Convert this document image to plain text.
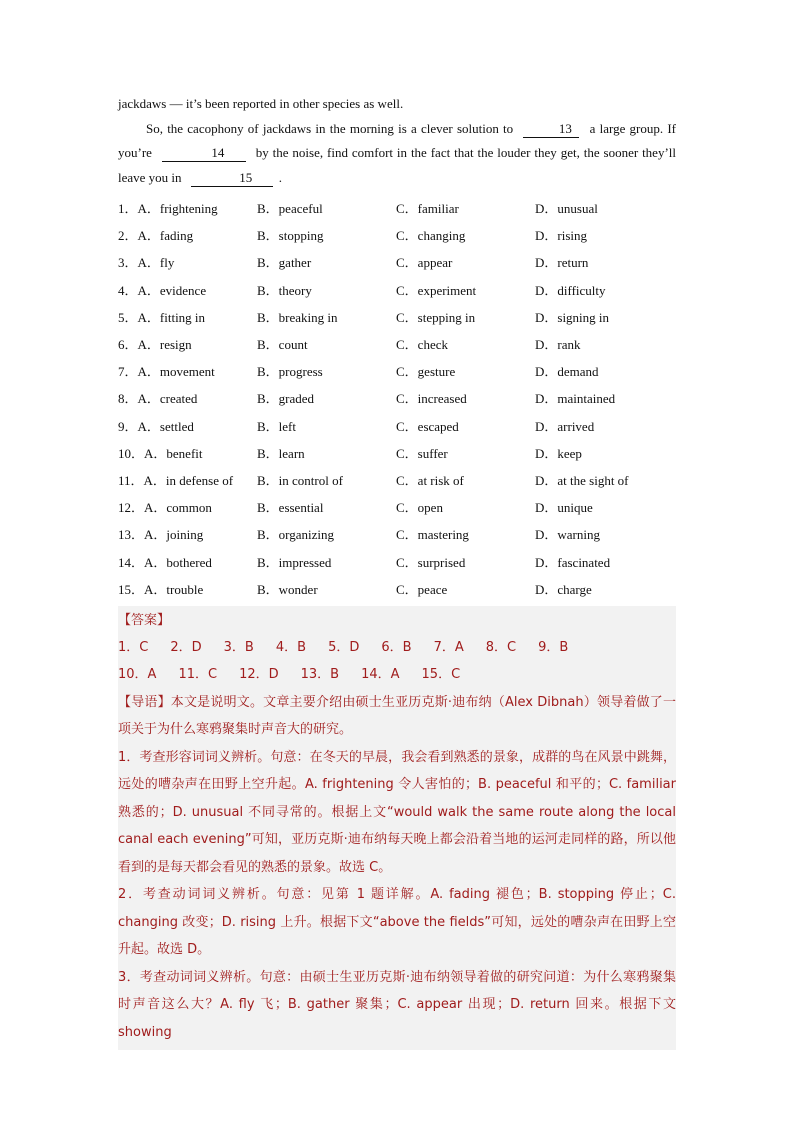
jackdaws — it’s been reported in other species as well.

So, the cacophony of jackdaws in the morning is a clever solution to	13 a large group. If you’re	14 by the noise, find comfort in the fact that the louder they get, the sooner they’ll leave you in	15 .

1．A．frightening	B．peaceful	C．familiar	D．unusual
2．A．fading	B．stopping	C．changing	D．rising
3．A．fly	B．gather	C．appear	D．return
4．A．evidence	B．theory	C．experiment	D．difficulty
5．A．fitting in	B．breaking in	C．stepping in	D．signing in
6．A．resign	B．count	C．check	D．rank
7．A．movement	B．progress	C．gesture	D．demand
8．A．created	B．graded	C．increased	D．maintained
9．A．settled	B．left	C．escaped	D．arrived
10．A．benefit	B．learn	C．suffer	D．keep
11．A．in defense of	B．in control of	C．at risk of	D．at the sight of
12．A．common	B．essential	C．open	D．unique
13．A．joining	B．organizing	C．mastering	D．warning
14．A．bothered	B．impressed	C．surprised	D．fascinated
15．A．trouble	B．wonder	C．peace	D．charge

【答案】

1．C 2．D 3．B 4．B 5．D 6．B 7．A 8．C 9．B
10．A 11．C 12．D 13．B 14．A 15．C

【导语】本文是说明文。文章主要介绍由硕士生亚历克斯·迪布纳（Alex Dibnah）领导着做了一项关于为什么寒鸦聚集时声音大的研究。

1．考查形容词词义辨析。句意：在冬天的早晨，我会看到熟悉的景象，成群的鸟在风景中跳舞，远处的嘈杂声在田野上空升起。A. frightening 令人害怕的；B. peaceful 和平的；C. familiar 熟悉的；D. unusual 不同寻常的。根据上文“would walk the same route along the local canal each evening”可知，亚历克斯·迪布纳每天晚上都会沿着当地的运河走同样的路，所以他看到的是每天都会看见的熟悉的景象。故选 C。

2．考查动词词义辨析。句意：见第 1 题详解。A. fading 褪色；B. stopping 停止；C. changing 改变；D. rising 上升。根据下文“above the fields”可知，远处的嘈杂声在田野上空升起。故选 D。

3．考查动词词义辨析。句意：由硕士生亚历克斯·迪布纳领导着做的研究问道：为什么寒鸦聚集时声音这么大？A. fly 飞；B. gather 聚集；C. appear 出现；D. return 回来。根据下文showing
